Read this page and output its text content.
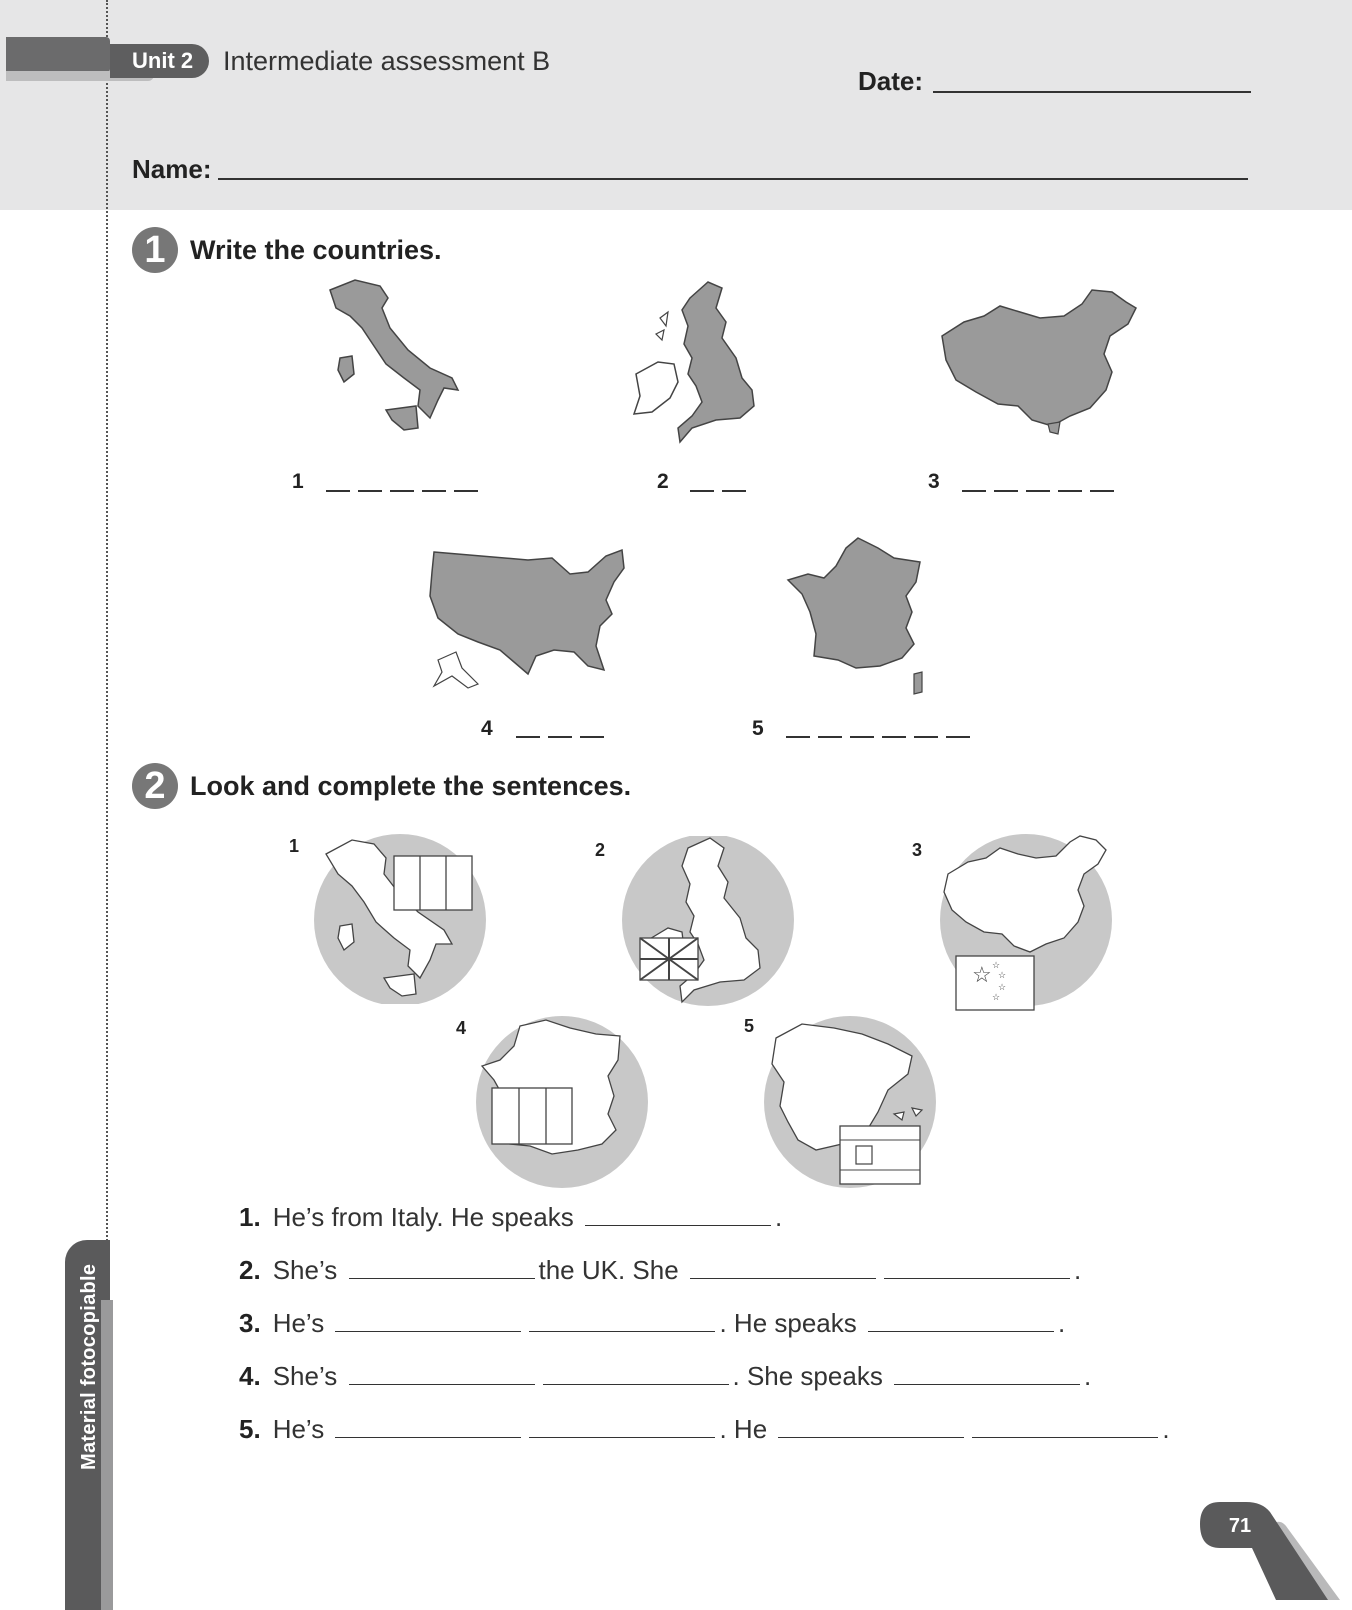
Unit 2	Intermediate assessment B
Date:
Name:
1 Write the countries.
1	2	3
4	5
2 Look and complete the sentences.
1	2	3
☆ ☆
☆
☆
☆
4	5
1. He’s from Italy. He speaks	.
2. She’s	the UK. She	.
3. He’s	. He speaks	.
4. She’s	. She speaks	.
5. He’s	. He	.
Material fotocopiable
71
